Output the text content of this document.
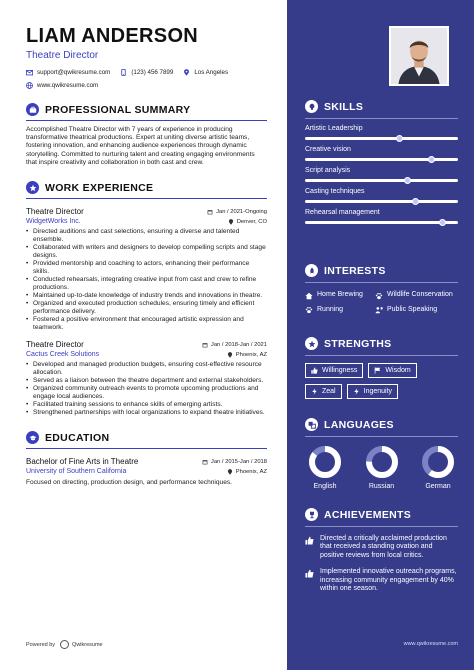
LIAM ANDERSON
Theatre Director
support@qwikresume.com	(123) 456 7899	Los Angeles
www.qwikresume.com
PROFESSIONAL SUMMARY
Accomplished Theatre Director with 7 years of experience in producing transformative theatrical productions. Expert at uniting diverse artistic teams, fostering innovation, and enhancing audience experiences through dynamic storytelling. Committed to nurturing talent and creating engaging environments that inspire creativity and collaboration in both cast and crew.
WORK EXPERIENCE
Theatre Director	Jan / 2021-Ongoing
WidgetWorks Inc.	Denver, CO
• Directed auditions and cast selections, ensuring a diverse and talented ensemble.
• Collaborated with writers and designers to develop compelling scripts and stage designs.
• Provided mentorship and coaching to actors, enhancing their performance skills.
• Conducted rehearsals, integrating creative input from cast and crew to refine productions.
• Maintained up-to-date knowledge of industry trends and innovations in theatre.
• Organized and executed production schedules, ensuring timely and efficient performance delivery.
• Fostered a positive environment that encouraged artistic expression and teamwork.
Theatre Director	Jan / 2018-Jan / 2021
Cactus Creek Solutions	Phoenix, AZ
• Developed and managed production budgets, ensuring cost-effective resource allocation.
• Served as a liaison between the theatre department and external stakeholders.
• Organized community outreach events to promote upcoming productions and engage local audiences.
• Facilitated training sessions to enhance skills of emerging artists.
• Strengthened partnerships with local organizations to expand theatre initiatives.
EDUCATION
Bachelor of Fine Arts in Theatre	Jan / 2015-Jan / 2018
University of Southern California	Phoenix, AZ
Focused on directing, production design, and performance techniques.
Powered by	Qwikresume
SKILLS
Artistic Leadership
Creative vision
Script analysis
Casting techniques
Rehearsal management
INTERESTS
Home Brewing	Wildlife Conservation
Running	Public Speaking
STRENGTHS
Willingness	Wisdom
Zeal	Ingenuity
LANGUAGES
English	Russian	German
ACHIEVEMENTS
Directed a critically acclaimed production that received a standing ovation and positive reviews from local critics.
Implemented innovative outreach programs, increasing community engagement by 40% within one season.
www.qwikresume.com
